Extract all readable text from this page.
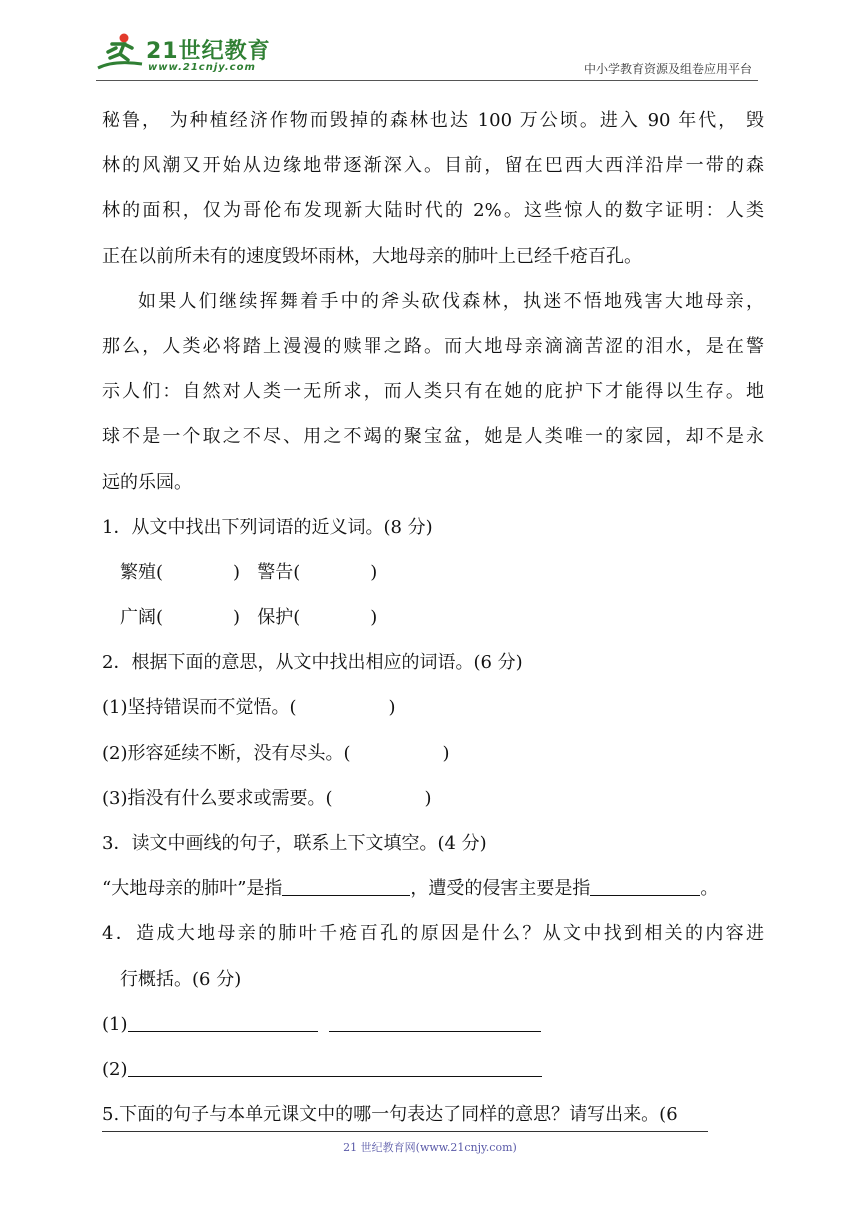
21世纪教育
www.21cnjy.com	中小学教育资源及组卷应用平台
秘鲁， 为种植经济作物而毁掉的森林也达 100 万公顷。进入 90 年代， 毁
林的风潮又开始从边缘地带逐渐深入。目前，留在巴西大西洋沿岸一带的森
林的面积，仅为哥伦布发现新大陆时代的 2%。这些惊人的数字证明：人类
正在以前所未有的速度毁坏雨林，大地母亲的肺叶上已经千疮百孔。
如果人们继续挥舞着手中的斧头砍伐森林，执迷不悟地残害大地母亲，
那么，人类必将踏上漫漫的赎罪之路。而大地母亲滴滴苦涩的泪水，是在警
示人们：自然对人类一无所求，而人类只有在她的庇护下才能得以生存。地
球不是一个取之不尽、用之不竭的聚宝盆，她是人类唯一的家园，却不是永
远的乐园。
1．从文中找出下列词语的近义词。(8 分)
繁殖(	) 警告(	)
广阔(	) 保护(	)
2．根据下面的意思，从文中找出相应的词语。(6 分)
(1)坚持错误而不觉悟。(	)
(2)形容延续不断，没有尽头。(	)
(3)指没有什么要求或需要。(	)
3．读文中画线的句子，联系上下文填空。(4 分)
“大地母亲的肺叶”是指	，遭受的侵害主要是指	。
4．造成大地母亲的肺叶千疮百孔的原因是什么？从文中找到相关的内容进
行概括。(6 分)
(1)
(2)
5.下面的句子与本单元课文中的哪一句表达了同样的意思？请写出来。(6
21 世纪教育网(www.21cnjy.com)
